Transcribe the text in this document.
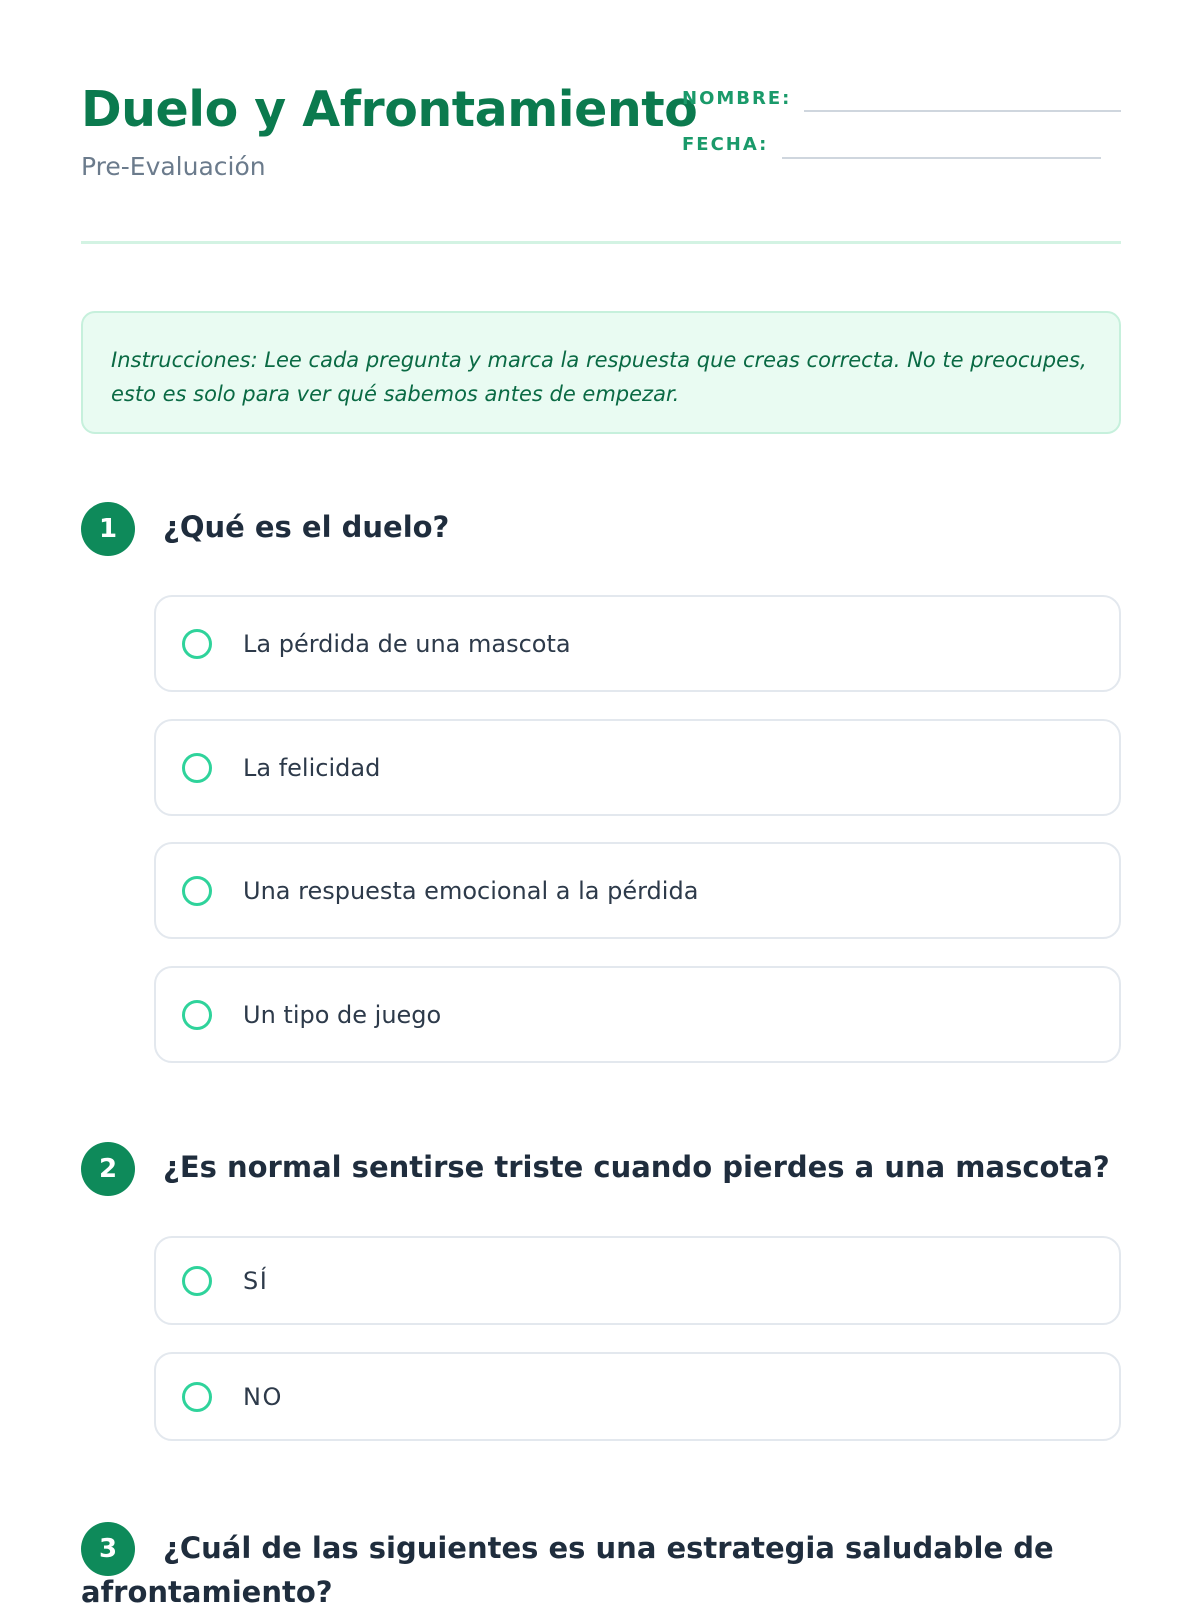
Duelo y Afrontamiento
Pre-Evaluación
NOMBRE:
FECHA:
Instrucciones: Lee cada pregunta y marca la respuesta que creas correcta. No te preocupes, esto es solo para ver qué sabemos antes de empezar.
1	¿Qué es el duelo?
La pérdida de una mascota
La felicidad
Una respuesta emocional a la pérdida
Un tipo de juego
2	¿Es normal sentirse triste cuando pierdes a una mascota?
SÍ
NO
3	¿Cuál de las siguientes es una estrategia saludable de afrontamiento?
